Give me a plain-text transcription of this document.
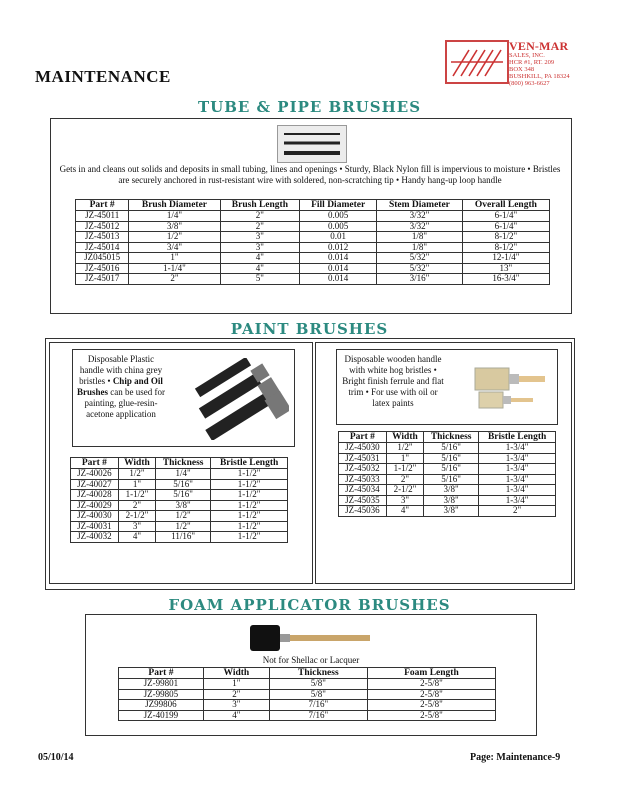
VEN-MAR
SALES, INC.
HCR #1, RT. 209
BOX 348
BUSHKILL, PA 18324
(800) 963-6627
MAINTENANCE
TUBE & PIPE BRUSHES
Gets in and cleans out solids and deposits in small tubing, lines and openings • Sturdy, Black Nylon fill is impervious to moisture • Bristles are securely anchored in rust-resistant wire with soldered, non-scratching tip • Handy hang-up loop handle
Part #	Brush Diameter	Brush Length	Fill Diameter	Stem Diameter	Overall Length
JZ-45011	1/4"	2"	0.005	3/32"	6-1/4"
JZ-45012	3/8"	2"	0.005	3/32"	6-1/4"
JZ-45013	1/2"	3"	0.01	1/8"	8-1/2"
JZ-45014	3/4"	3"	0.012	1/8"	8-1/2"
JZ045015	1"	4"	0.014	5/32"	12-1/4"
JZ-45016	1-1/4"	4"	0.014	5/32"	13"
JZ-45017	2"	5"	0.014	3/16"	16-3/4"
PAINT BRUSHES
Disposable Plastic handle with china grey bristles • Chip and Oil Brushes can be used for painting, glue-resin-acetone application
Part #	Width	Thickness	Bristle Length
JZ-40026	1/2"	1/4"	1-1/2"
JZ-40027	1"	5/16"	1-1/2"
JZ-40028	1-1/2"	5/16"	1-1/2"
JZ-40029	2"	3/8"	1-1/2"
JZ-40030	2-1/2"	1/2"	1-1/2"
JZ-40031	3"	1/2"	1-1/2"
JZ-40032	4"	11/16"	1-1/2"
Disposable wooden handle with white hog bristles • Bright finish ferrule and flat trim • For use with oil or latex paints
Part #	Width	Thickness	Bristle Length
JZ-45030	1/2"	5/16"	1-3/4"
JZ-45031	1"	5/16"	1-3/4"
JZ-45032	1-1/2"	5/16"	1-3/4"
JZ-45033	2"	5/16"	1-3/4"
JZ-45034	2-1/2"	3/8"	1-3/4"
JZ-45035	3"	3/8"	1-3/4"
JZ-45036	4"	3/8"	2"
FOAM APPLICATOR BRUSHES
Not for Shellac or Lacquer
Part #	Width	Thickness	Foam Length
JZ-99801	1"	5/8"	2-5/8"
JZ-99805	2"	5/8"	2-5/8"
JZ99806	3"	7/16"	2-5/8"
JZ-40199	4"	7/16"	2-5/8"
05/10/14	Page: Maintenance-9
